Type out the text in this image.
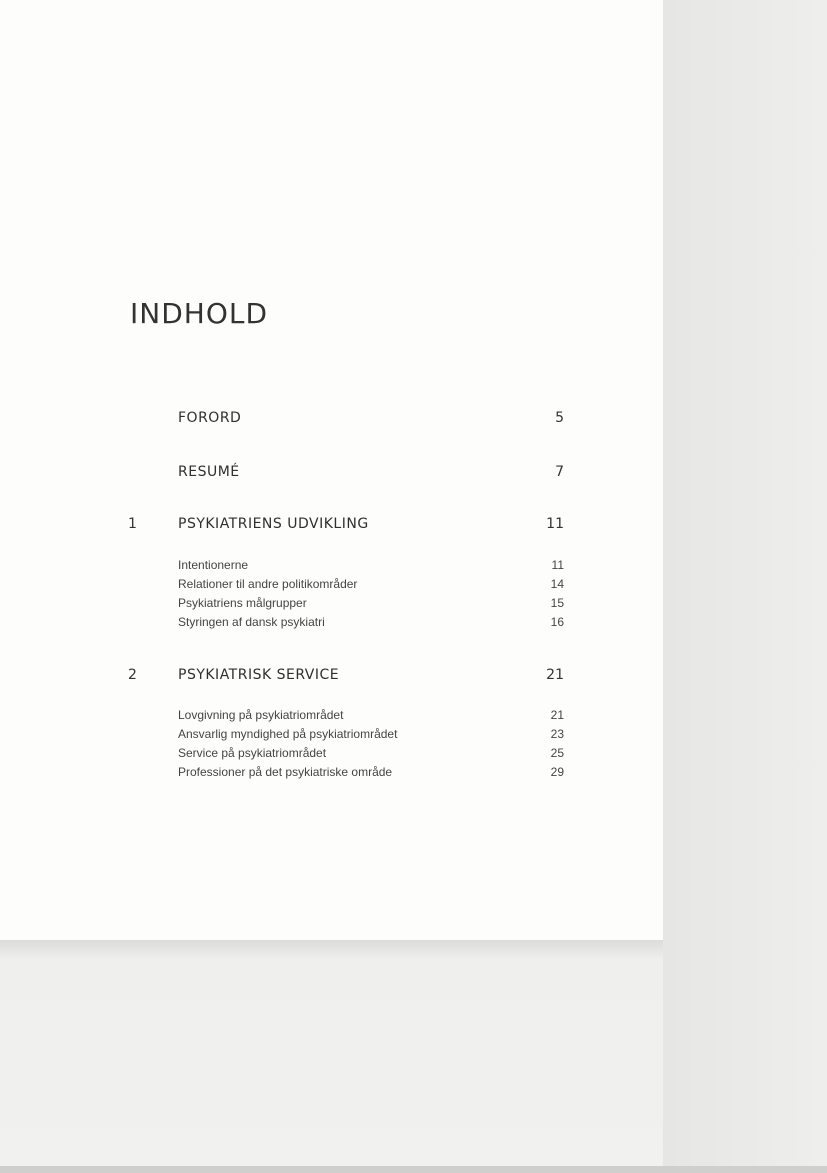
INDHOLD
FORORD	5
RESUMÉ	7
1	PSYKIATRIENS UDVIKLING	11
Intentionerne	11
Relationer til andre politikområder	14
Psykiatriens målgrupper	15
Styringen af dansk psykiatri	16
2	PSYKIATRISK SERVICE	21
Lovgivning på psykiatriområdet	21
Ansvarlig myndighed på psykiatriområdet	23
Service på psykiatriområdet	25
Professioner på det psykiatriske område	29
